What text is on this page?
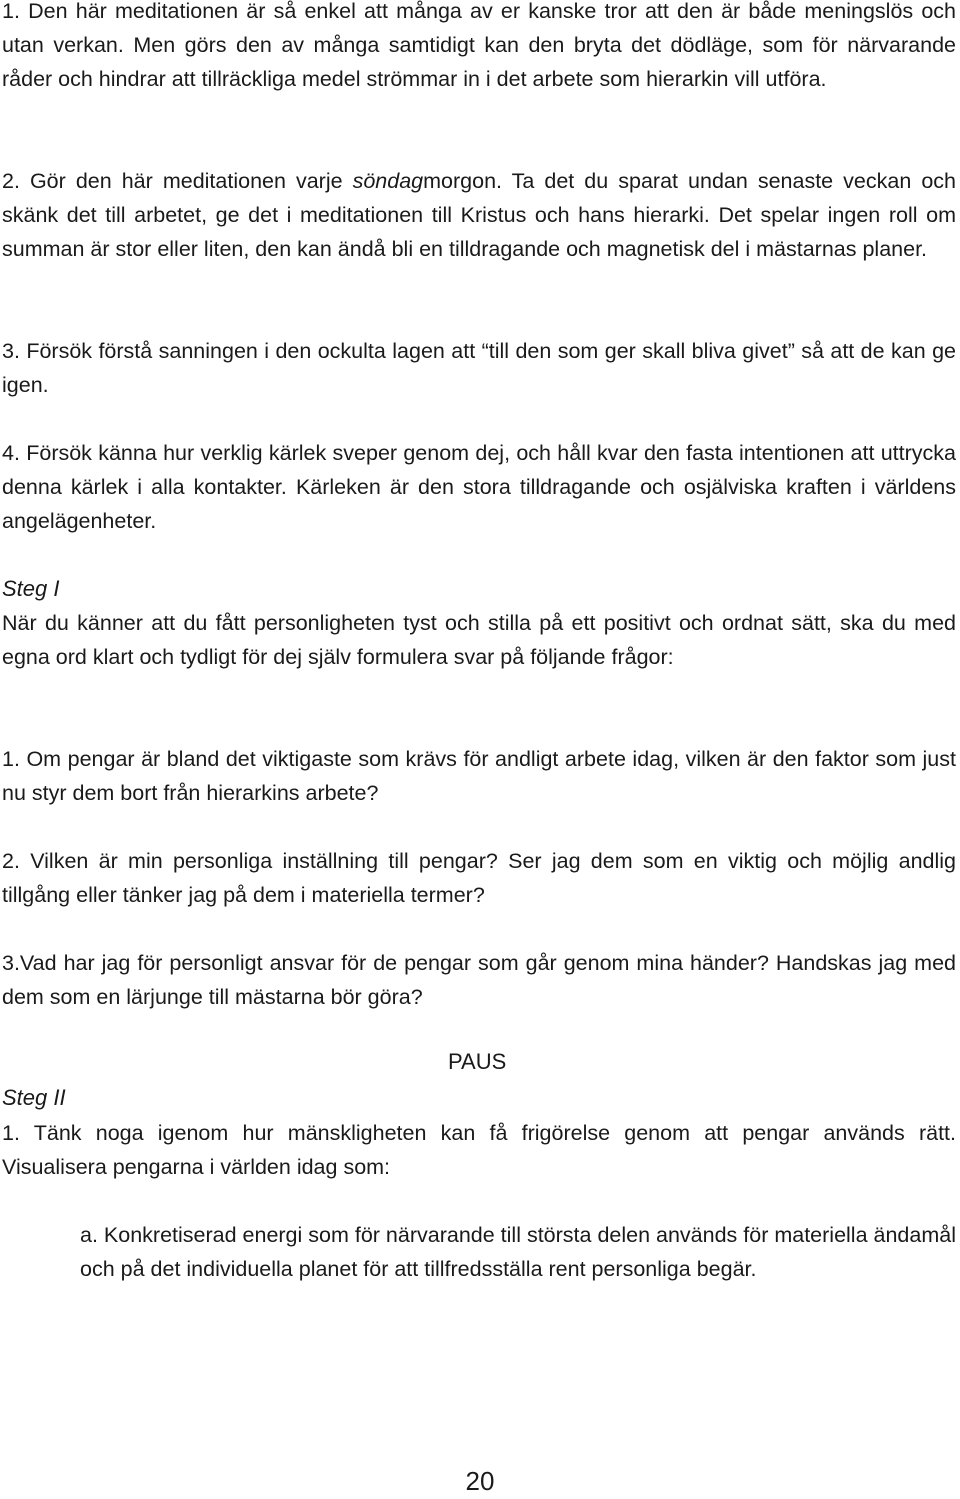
1. Den här meditationen är så enkel att många av er kanske tror att den är både meningslös och utan verkan. Men görs den av många samtidigt kan den bryta det dödläge, som för närvarande råder och hindrar att tillräckliga medel strömmar in i det arbete som hierarkin vill utföra.

2. Gör den här meditationen varje söndagmorgon. Ta det du sparat undan senaste veckan och skänk det till arbetet, ge det i meditationen till Kristus och hans hierarki. Det spelar ingen roll om summan är stor eller liten, den kan ändå bli en tilldragande och magnetisk del i mästarnas planer.

3. Försök förstå sanningen i den ockulta lagen att “till den som ger skall bliva givet” så att de kan ge igen.

4. Försök känna hur verklig kärlek sveper genom dej, och håll kvar den fasta intentionen att uttrycka denna kärlek i alla kontakter. Kärleken är den stora tilldragande och osjälviska kraften i världens angelägenheter.

Steg I

När du känner att du fått personligheten tyst och stilla på ett positivt och ordnat sätt, ska du med egna ord klart och tydligt för dej själv formulera svar på följande frågor:

1. Om pengar är bland det viktigaste som krävs för andligt arbete idag, vilken är den faktor som just nu styr dem bort från hierarkins arbete?

2. Vilken är min personliga inställning till pengar? Ser jag dem som en viktig och möjlig andlig tillgång eller tänker jag på dem i materiella termer?

3.Vad har jag för personligt ansvar för de pengar som går genom mina händer? Handskas jag med dem som en lärjunge till mästarna bör göra?

PAUS

Steg II

1. Tänk noga igenom hur mänskligheten kan få frigörelse genom att pengar används rätt. Visualisera pengarna i världen idag som:

a. Konkretiserad energi som för närvarande till största delen används för materiella ändamål och på det individuella planet för att tillfredsställa rent personliga begär.

20
